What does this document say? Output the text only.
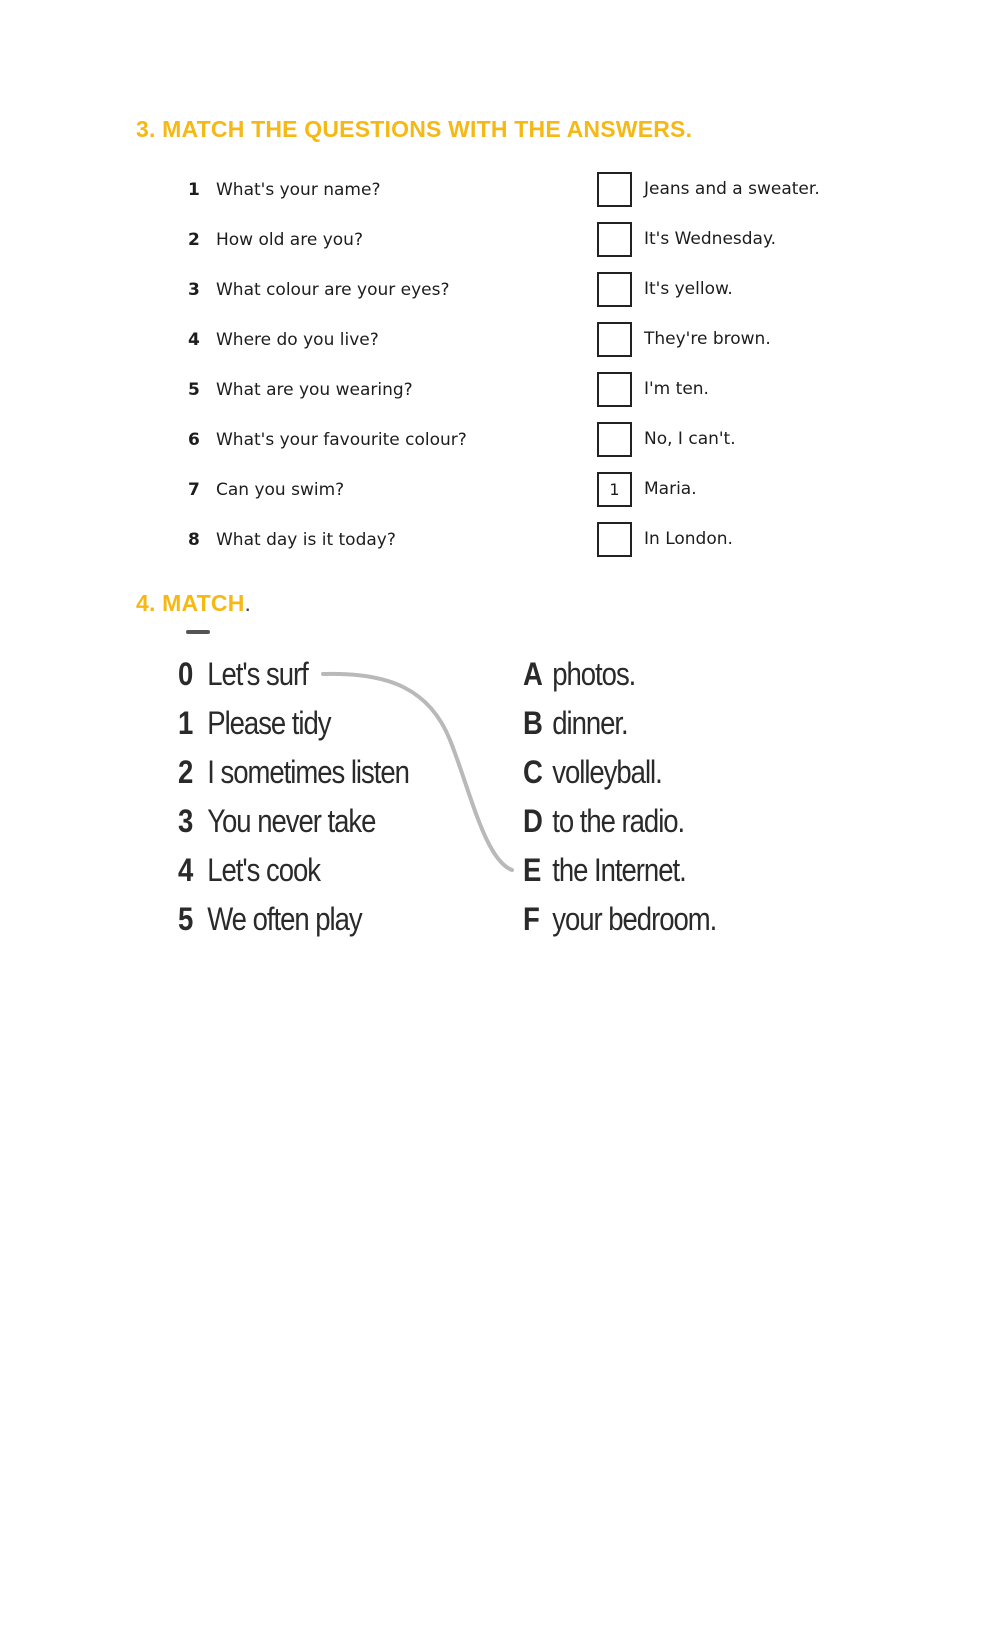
3. MATCH THE QUESTIONS WITH THE ANSWERS.
1 What's your name?
2 How old are you?
3 What colour are your eyes?
4 Where do you live?
5 What are you wearing?
6 What's your favourite colour?
7 Can you swim?
8 What day is it today?
Jeans and a sweater.
It's Wednesday.
It's yellow.
They're brown.
I'm ten.
No, I can't.
1	Maria.
In London.
4. MATCH.
0 Let's surf
1 Please tidy
2 I sometimes listen
3 You never take
4 Let's cook
5 We often play
A photos.
B dinner.
C volleyball.
D to the radio.
E the Internet.
F your bedroom.
